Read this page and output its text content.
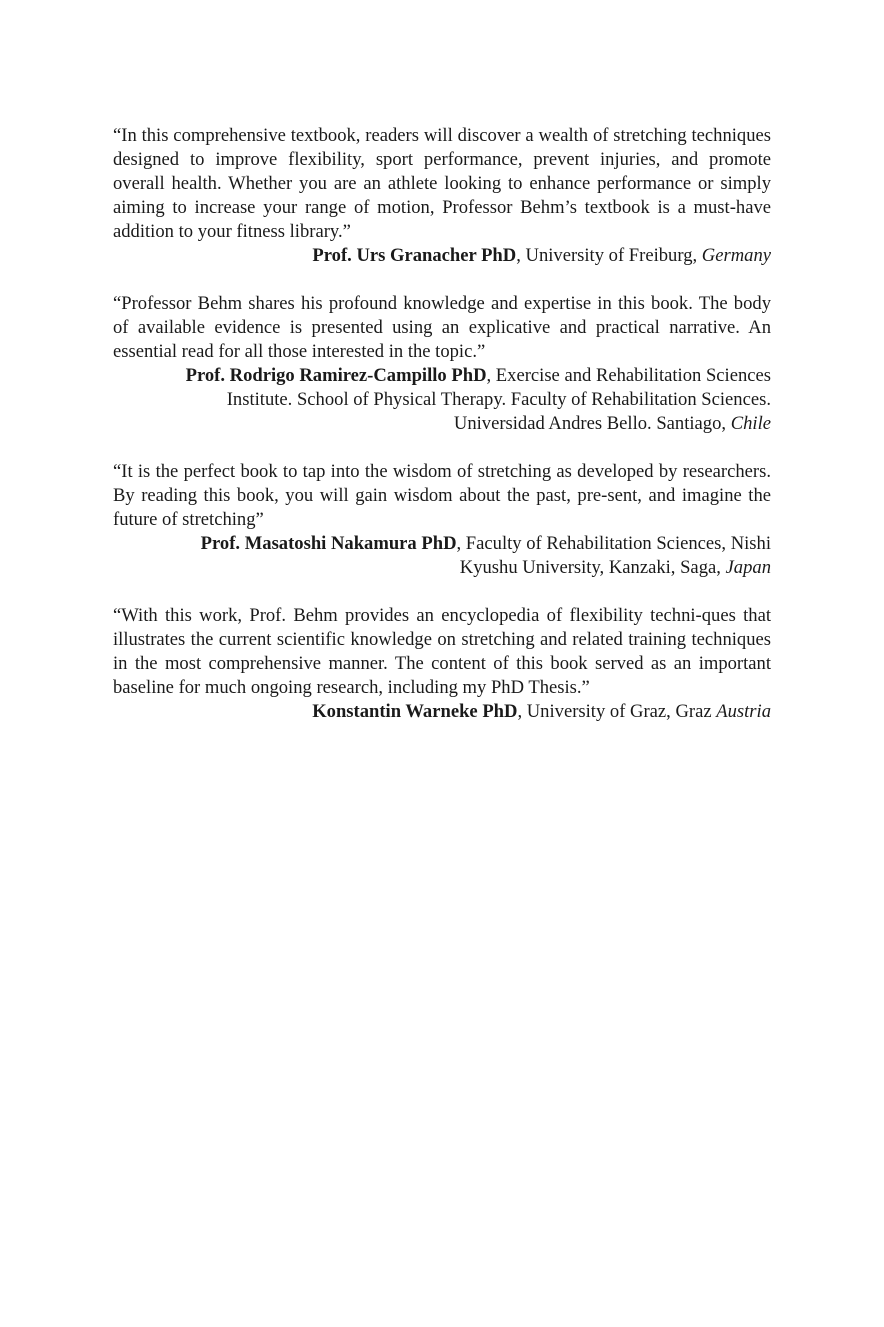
“In this comprehensive textbook, readers will discover a wealth of stretching techniques designed to improve flexibility, sport performance, prevent injuries, and promote overall health. Whether you are an athlete looking to enhance performance or simply aiming to increase your range of motion, Professor Behm’s textbook is a must-have addition to your fitness library.”

Prof. Urs Granacher PhD, University of Freiburg, Germany

“Professor Behm shares his profound knowledge and expertise in this book. The body of available evidence is presented using an explicative and practical narrative. An essential read for all those interested in the topic.”

Prof. Rodrigo Ramirez-Campillo PhD, Exercise and Rehabilitation Sciences
Institute. School of Physical Therapy. Faculty of Rehabilitation Sciences.
Universidad Andres Bello. Santiago, Chile

“It is the perfect book to tap into the wisdom of stretching as developed by researchers. By reading this book, you will gain wisdom about the past, pre-sent, and imagine the future of stretching”

Prof. Masatoshi Nakamura PhD, Faculty of Rehabilitation Sciences, Nishi
Kyushu University, Kanzaki, Saga, Japan

“With this work, Prof. Behm provides an encyclopedia of flexibility techni-ques that illustrates the current scientific knowledge on stretching and related training techniques in the most comprehensive manner. The content of this book served as an important baseline for much ongoing research, including my PhD Thesis.”

Konstantin Warneke PhD, University of Graz, Graz Austria
